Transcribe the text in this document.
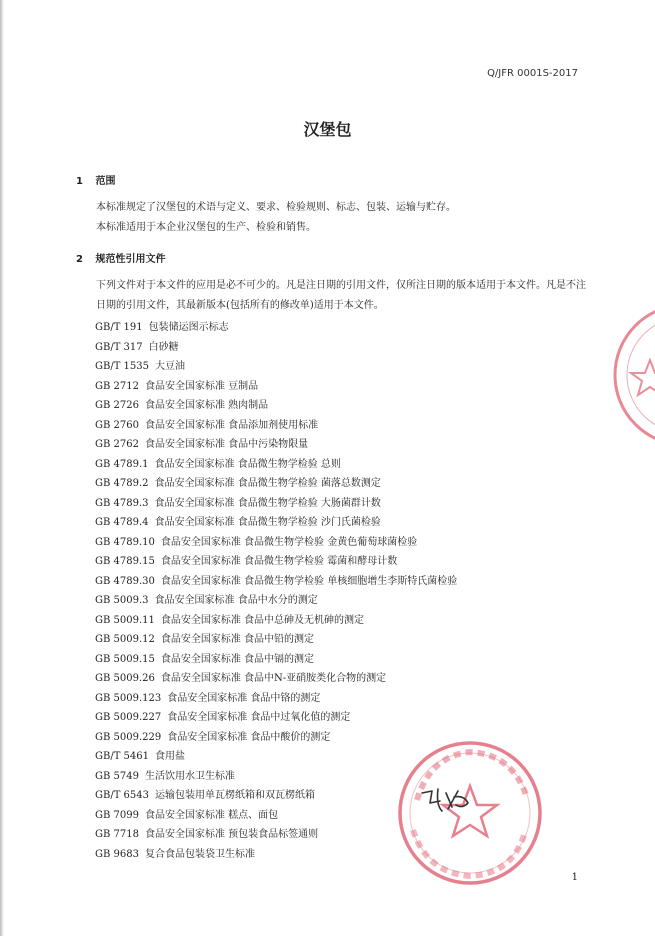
Q/JFR 0001S-2017
汉堡包
1 范围
本标准规定了汉堡包的术语与定义、要求、检验规则、标志、包装、运输与贮存。
本标准适用于本企业汉堡包的生产、检验和销售。
2 规范性引用文件
下列文件对于本文件的应用是必不可少的。凡是注日期的引用文件，仅所注日期的版本适用于本文件。凡是不注日期的引用文件，其最新版本(包括所有的修改单)适用于本文件。
GB/T 191 包装储运图示标志
GB/T 317 白砂糖
GB/T 1535 大豆油
GB 2712 食品安全国家标准 豆制品
GB 2726 食品安全国家标准 熟肉制品
GB 2760 食品安全国家标准 食品添加剂使用标准
GB 2762 食品安全国家标准 食品中污染物限量
GB 4789.1 食品安全国家标准 食品微生物学检验 总则
GB 4789.2 食品安全国家标准 食品微生物学检验 菌落总数测定
GB 4789.3 食品安全国家标准 食品微生物学检验 大肠菌群计数
GB 4789.4 食品安全国家标准 食品微生物学检验 沙门氏菌检验
GB 4789.10 食品安全国家标准 食品微生物学检验 金黄色葡萄球菌检验
GB 4789.15 食品安全国家标准 食品微生物学检验 霉菌和酵母计数
GB 4789.30 食品安全国家标准 食品微生物学检验 单核细胞增生李斯特氏菌检验
GB 5009.3 食品安全国家标准 食品中水分的测定
GB 5009.11 食品安全国家标准 食品中总砷及无机砷的测定
GB 5009.12 食品安全国家标准 食品中铅的测定
GB 5009.15 食品安全国家标准 食品中镉的测定
GB 5009.26 食品安全国家标准 食品中N-亚硝胺类化合物的测定
GB 5009.123 食品安全国家标准 食品中铬的测定
GB 5009.227 食品安全国家标准 食品中过氧化值的测定
GB 5009.229 食品安全国家标准 食品中酸价的测定
GB/T 5461 食用盐
GB 5749 生活饮用水卫生标准
GB/T 6543 运输包装用单瓦楞纸箱和双瓦楞纸箱
GB 7099 食品安全国家标准 糕点、面包
GB 7718 食品安全国家标准 预包装食品标签通则
GB 9683 复合食品包装袋卫生标准
1
